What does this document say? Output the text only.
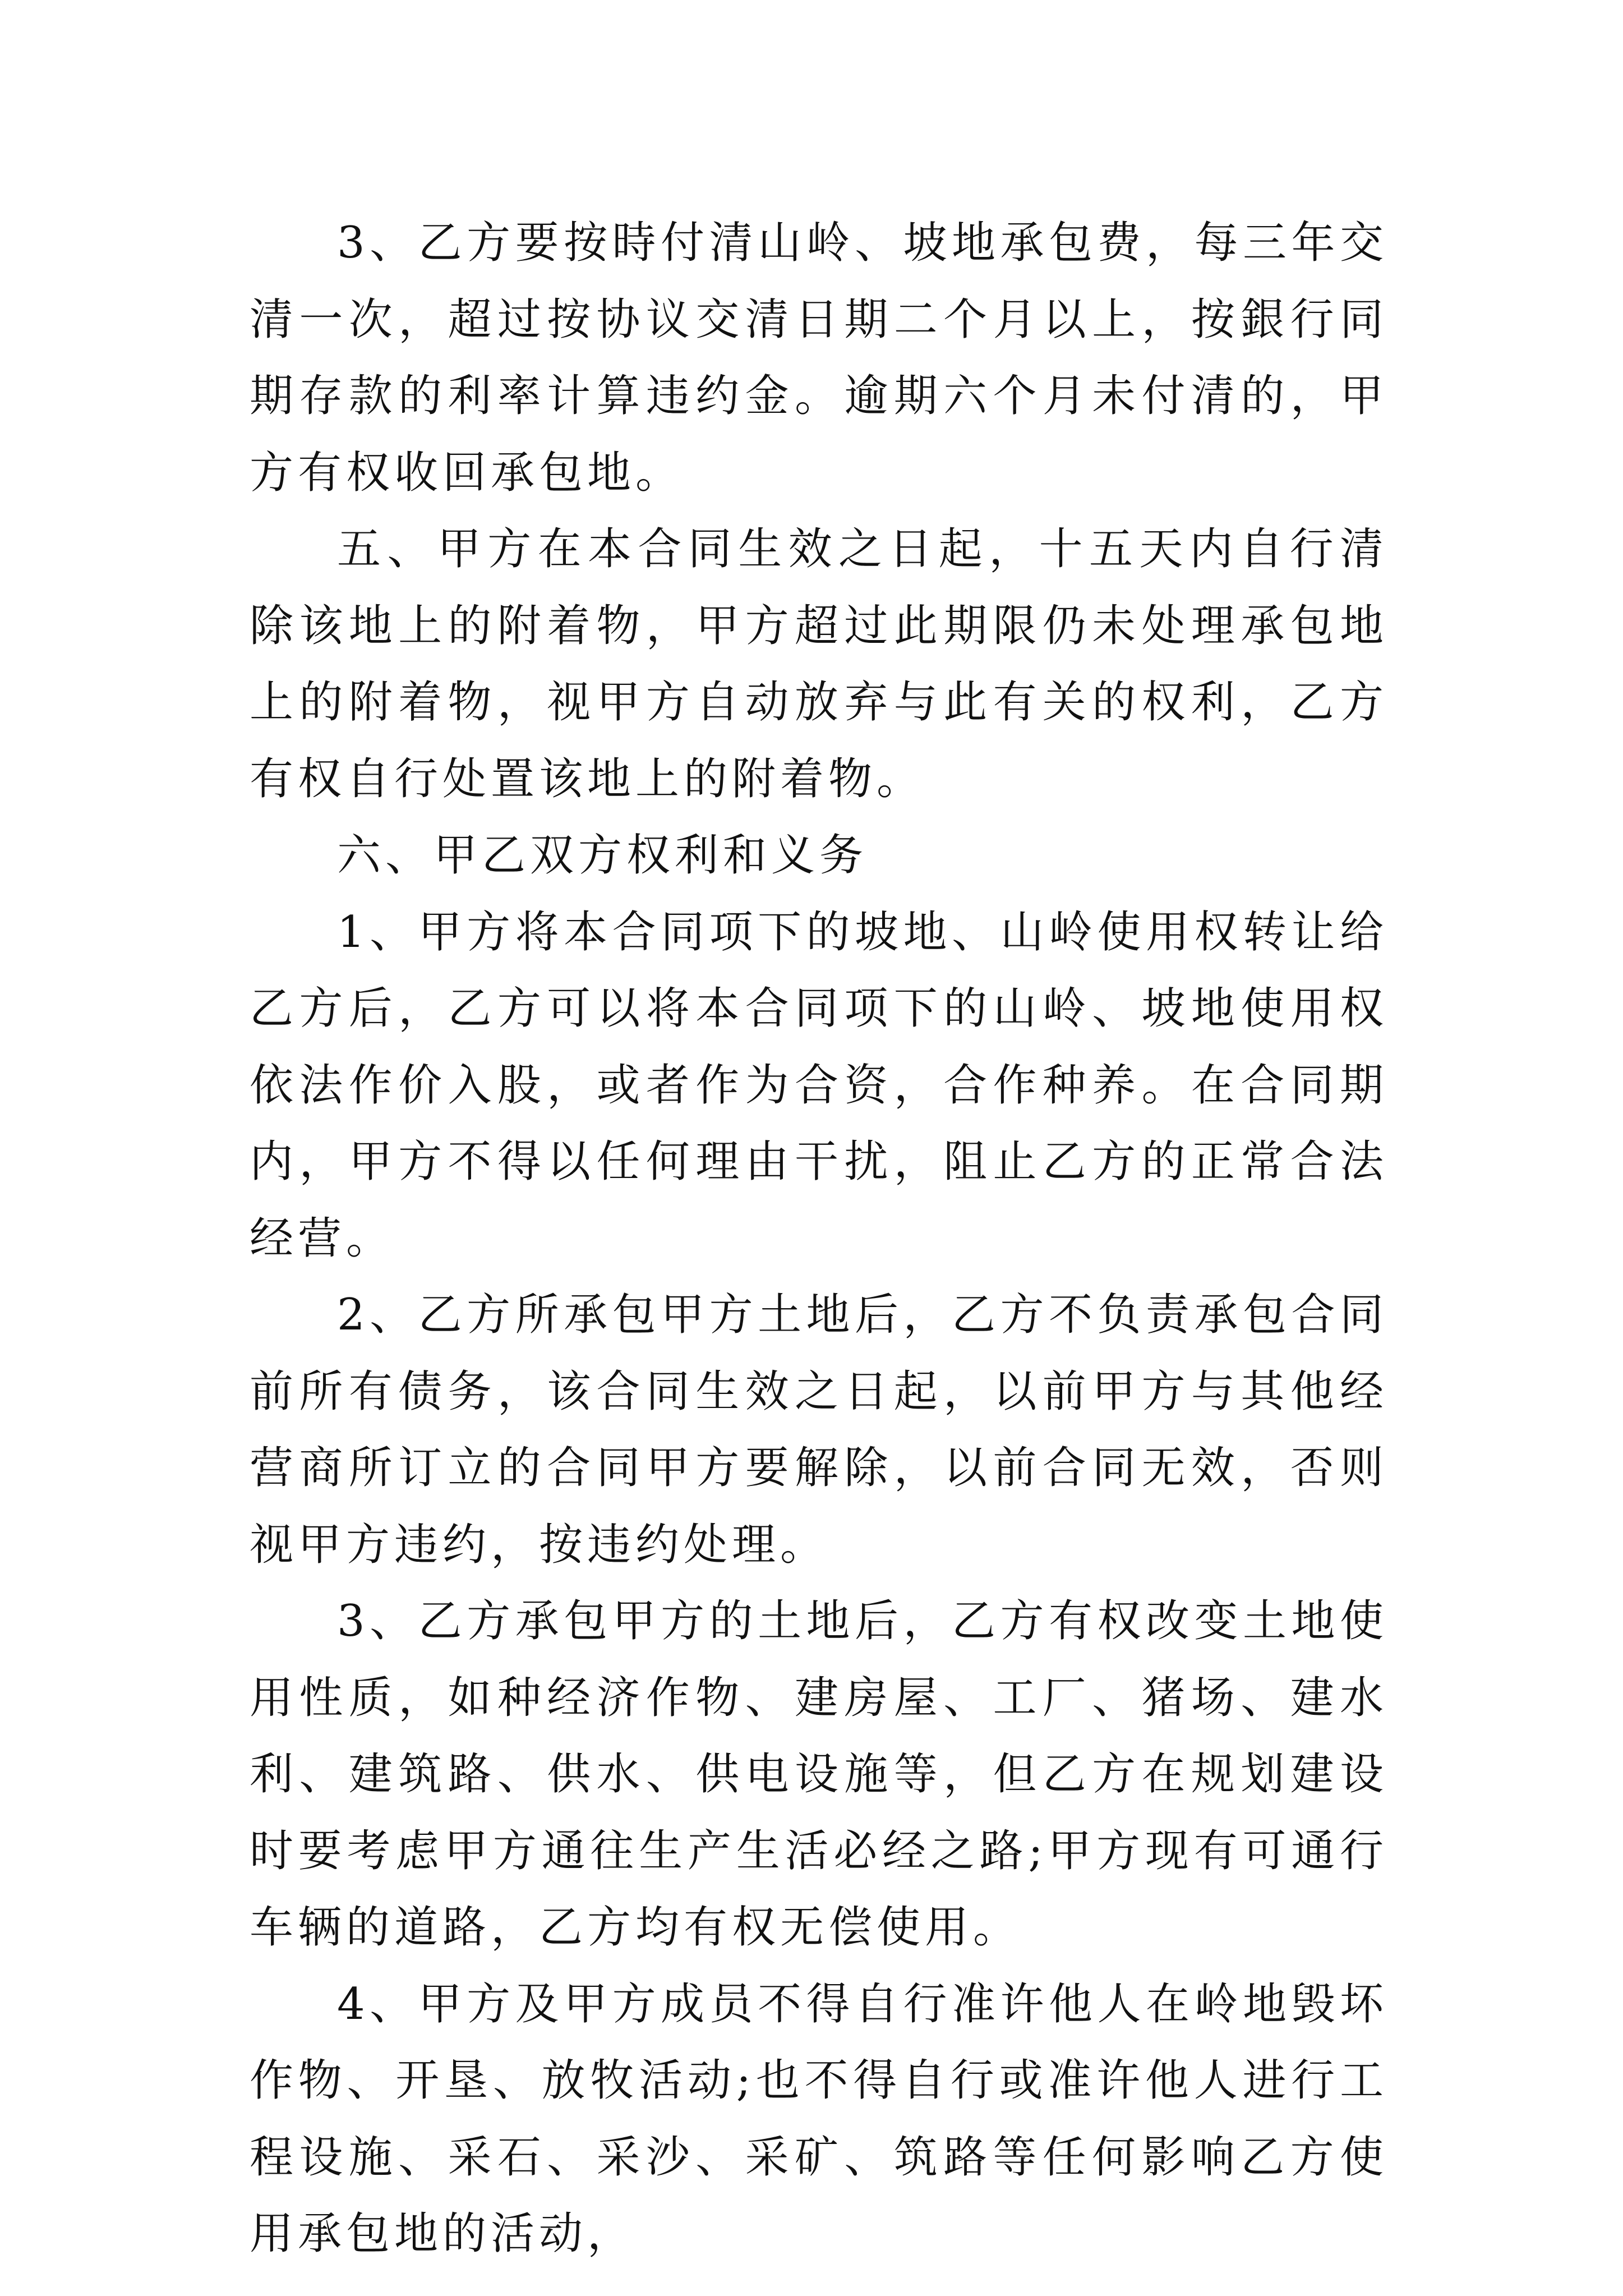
3、乙方要按時付清山岭、坡地承包费，每三年交清一次，超过按协议交清日期二个月以上，按銀行同期存款的利率计算违约金。逾期六个月未付清的，甲方有权收回承包地。

五、甲方在本合同生效之日起，十五天内自行清除该地上的附着物，甲方超过此期限仍未处理承包地上的附着物，视甲方自动放弃与此有关的权利，乙方有权自行处置该地上的附着物。

六、甲乙双方权利和义务

1、甲方将本合同项下的坡地、山岭使用权转让给乙方后，乙方可以将本合同项下的山岭、坡地使用权依法作价入股，或者作为合资，合作种养。在合同期内，甲方不得以任何理由干扰，阻止乙方的正常合法经营。

2、乙方所承包甲方土地后，乙方不负责承包合同前所有债务，该合同生效之日起，以前甲方与其他经营商所订立的合同甲方要解除，以前合同无效，否则视甲方违约，按违约处理。

3、乙方承包甲方的土地后，乙方有权改变土地使用性质，如种经济作物、建房屋、工厂、猪场、建水利、建筑路、供水、供电设施等，但乙方在规划建设时要考虑甲方通往生产生活必经之路;甲方现有可通行车辆的道路，乙方均有权无偿使用。

4、甲方及甲方成员不得自行准许他人在岭地毁坏作物、开垦、放牧活动;也不得自行或准许他人进行工程设施、采石、采沙、采矿、筑路等任何影响乙方使用承包地的活动，
